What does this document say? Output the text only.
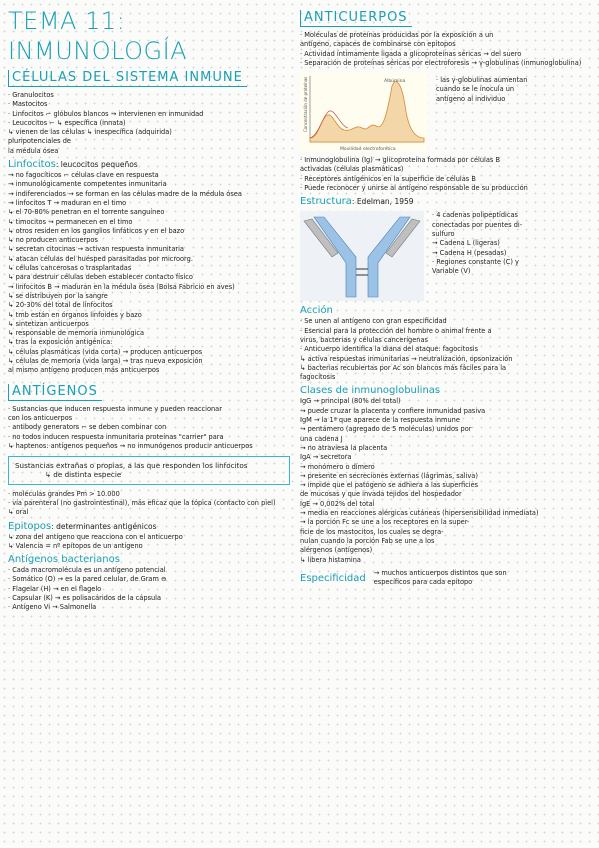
TEMA 11: INMUNOLOGÍA
CÉLULAS DEL SISTEMA INMUNE

· Granulocitos

· Mastocitos

· Linfocitos ⌐ glóbulos blancos → intervienen en inmunidad

· Leucocitos ⌐ ↳ específica (innata)

↳ vienen de las células ↳ inespecífica (adquirida)

pluripotenciales de

la médula ósea

Linfocitos: leucocitos pequeños

→ no fagocíticos ⌐ células clave en respuesta

→ inmunológicamente competentes inmunitaria

→ indiferenciados → se forman en las células madre de la médula ósea

→ linfocitos T → maduran en el timo

↳ el 70-80% penetran en el torrente sanguíneo

↳ timocitos → permanecen en el timo

↳ otros residen en los ganglios linfáticos y en el bazo

↳ no producen anticuerpos

↳ secretan citocinas → activan respuesta inmunitaria

↳ atacan células del huésped parasitadas por microorg.

↳ células cancerosas o trasplantadas

↳ para destruir células deben establecer contacto físico

→ linfocitos B → maduran en la médula ósea (Bolsa Fabricio en aves)

↳ se distribuyen por la sangre

↳ 20-30% del total de linfocitos

↳ tmb están en órganos linfoides y bazo

↳ sintetizan anticuerpos

↳ responsable de memoria inmunológica

↳ tras la exposición antigénica:

↳ células plasmáticas (vida corta) → producen anticuerpos

↳ células de memoria (vida larga) → tras nueva exposición

al mismo antígeno producen más anticuerpos

ANTÍGENOS

· Sustancias que inducen respuesta inmune y pueden reaccionar

con los anticuerpos

· antibody generators ⌐ se deben combinar con

· no todos inducen respuesta inmunitaria proteínas "carrier" para

↳ haptenos: antígenos pequeños → no inmunógenos producir anticuerpos

Sustancias extrañas o propias, a las que responden los linfocitos

↳ de distinta especie

· moléculas grandes Pm > 10.000

· vía parenteral (no gastrointestinal), más eficaz que la tópica (contacto con piel)

↳ oral

Epitopos: determinantes antigénicos

↳ zona del antígeno que reacciona con el anticuerpo

↳ Valencia = nº epítopos de un antígeno

Antígenos bacterianos

· Cada macromolécula es un antígeno potencial

· Somático (O) → es la pared celular, de Gram ⊖

· Flagelar (H) → en el flagelo

· Capsular (K) → es polisacáridos de la cápsula

· Antígeno Vi → Salmonella

ANTICUERPOS

· Moléculas de proteínas producidas por la exposición a un

antígeno, capaces de combinarse con epitopos

· Actividad íntimamente ligada a glicoproteínas séricas → del suero

· Separación de proteínas séricas por electroforesis → γ-globulinas (inmunoglobulina)

Albúmina
Movilidad electroforética
Concentración de proteínas	· las γ-globulinas aumentan

cuando se le inocula un

antígeno al individuo

· Inmunoglobulina (Ig) → glicoproteína formada por células B

activadas (células plasmáticas)

· Receptores antigénicos en la superficie de células B

· Puede reconocer y unirse al antígeno responsable de su producción

Estructura: Edelman, 1959

· 4 cadenas polipeptídicas

conectadas por puentes di-

sulfuro

→ Cadena L (ligeras)

→ Cadena H (pesadas)

· Regiones constante (C) y

Variable (V)

Acción

· Se unen al antígeno con gran especificidad

· Esencial para la protección del hombre o animal frente a

virus, bacterias y células cancerígenas

· Anticuerpo identifica la diana del ataque: fagocitosis

↳ activa respuestas inmunitarias → neutralización, opsonización

↳ bacterias recubiertas por Ac son blancos más fáciles para la

fagocitosis

Clases de inmunoglobulinas

IgG → principal (80% del total)

→ puede cruzar la placenta y confiere inmunidad pasiva

IgM → la 1ª que aparece de la respuesta inmune

→ pentámero (agregado de 5 moléculas) unidos por

una cadena J

→ no atraviesa la placenta

IgA → secretora

→ monómero o dímero

→ presente en secreciones externas (lágrimas, saliva)

→ impide que el patógeno se adhiera a las superficies

de mucosas y que invada tejidos del hospedador

IgE → 0,002% del total

→ media en reacciones alérgicas cutáneas (hipersensibilidad inmediata)

→ la porción Fc se une a los receptores en la super-

ficie de los mastocitos, los cuales se degra-

nulan cuando la porción Fab se une a los

alérgenos (antígenos)

↳ libera histamina

Especificidad → muchos anticuerpos distintos que son

específicos para cada epítopo
